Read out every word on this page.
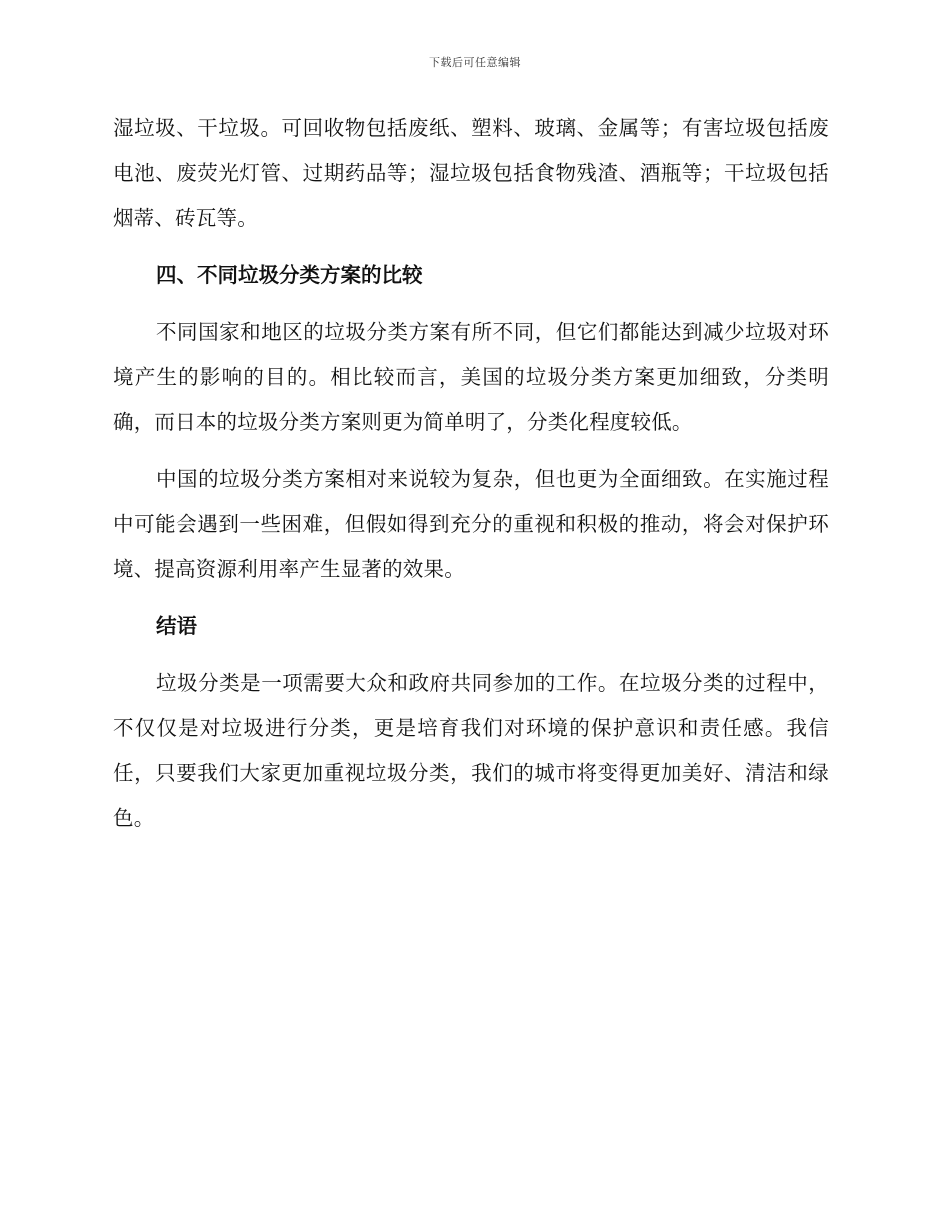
下载后可任意编辑

湿垃圾、干垃圾。可回收物包括废纸、塑料、玻璃、金属等；有害垃圾包括废电池、废荧光灯管、过期药品等；湿垃圾包括食物残渣、酒瓶等；干垃圾包括烟蒂、砖瓦等。

四、不同垃圾分类方案的比较

不同国家和地区的垃圾分类方案有所不同，但它们都能达到减少垃圾对环境产生的影响的目的。相比较而言，美国的垃圾分类方案更加细致，分类明确，而日本的垃圾分类方案则更为简单明了，分类化程度较低。

中国的垃圾分类方案相对来说较为复杂，但也更为全面细致。在实施过程中可能会遇到一些困难，但假如得到充分的重视和积极的推动，将会对保护环境、提高资源利用率产生显著的效果。

结语

垃圾分类是一项需要大众和政府共同参加的工作。在垃圾分类的过程中，不仅仅是对垃圾进行分类，更是培育我们对环境的保护意识和责任感。我信任，只要我们大家更加重视垃圾分类，我们的城市将变得更加美好、清洁和绿色。
